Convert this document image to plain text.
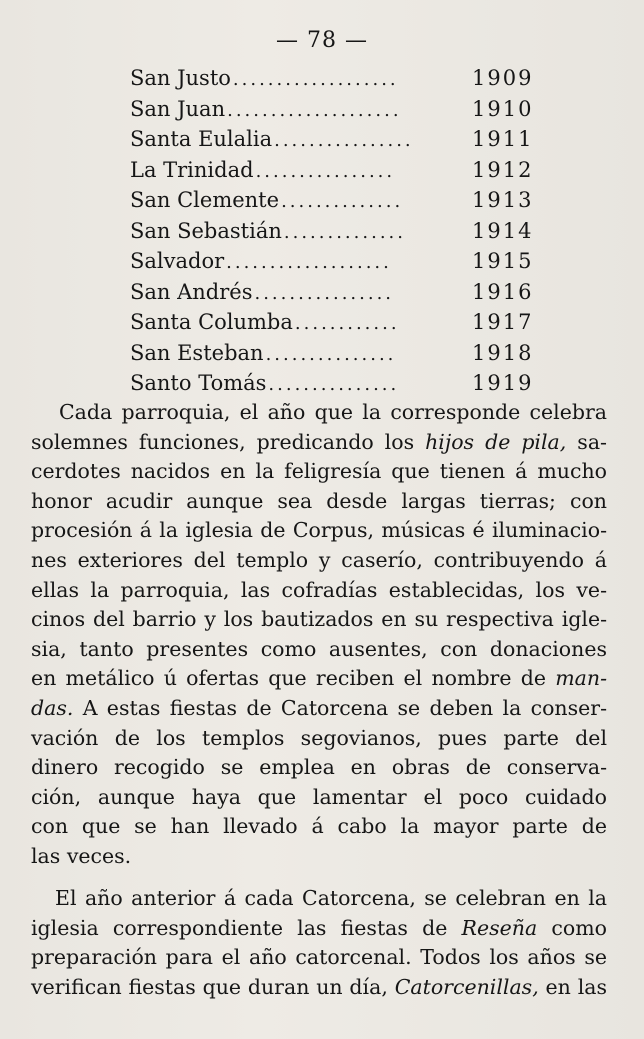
— 78 —
San Justo ...................	1909
San Juan ....................	1910
Santa Eulalia ................	1911
La Trinidad ................	1912
San Clemente ..............	1913
San Sebastián ..............	1914
Salvador ...................	1915
San Andrés ................	1916
Santa Columba ............	1917
San Esteban ...............	1918
Santo Tomás ...............	1919
Cada parroquia, el año que la corresponde celebra
solemnes funciones, predicando los hijos de pila, sa-
cerdotes nacidos en la feligresía que tienen á mucho
honor acudir aunque sea desde largas tierras; con
procesión á la iglesia de Corpus, músicas é iluminacio-
nes exteriores del templo y caserío, contribuyendo á
ellas la parroquia, las cofradías establecidas, los ve-
cinos del barrio y los bautizados en su respectiva igle-
sia, tanto presentes como ausentes, con donaciones
en metálico ú ofertas que reciben el nombre de man-
das. A estas fiestas de Catorcena se deben la conser-
vación de los templos segovianos, pues parte del
dinero recogido se emplea en obras de conserva-
ción, aunque haya que lamentar el poco cuidado
con que se han llevado á cabo la mayor parte de
las veces.
El año anterior á cada Catorcena, se celebran en la
iglesia correspondiente las fiestas de Reseña como
preparación para el año catorcenal. Todos los años se
verifican fiestas que duran un día, Catorcenillas, en las
